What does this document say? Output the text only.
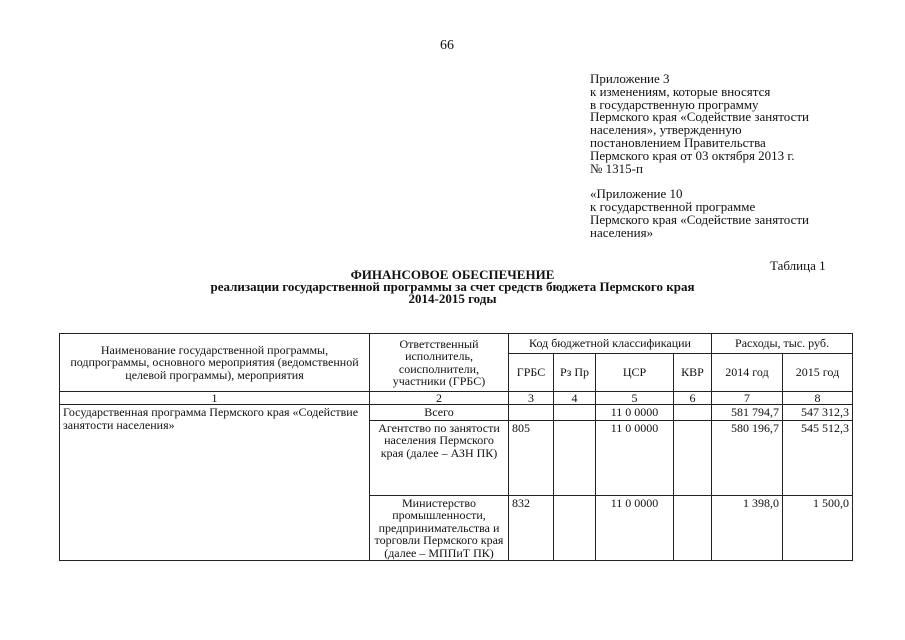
66
Приложение 3
к изменениям, которые вносятся
в государственную программу
Пермского края «Содействие занятости
населения», утвержденную
постановлением Правительства
Пермского края от 03 октября 2013 г.
№ 1315-п
«Приложение 10
к государственной программе
Пермского края «Содействие занятости
населения»
Таблица 1
ФИНАНСОВОЕ ОБЕСПЕЧЕНИЕ
реализации государственной программы за счет средств бюджета Пермского края
2014-2015 годы
Наименование государственной программы, подпрограммы, основного мероприятия (ведомственной целевой программы), мероприятия	Ответственный исполнитель, соисполнители, участники (ГРБС)	Код бюджетной классификации				Расходы, тыс. руб.	
		ГРБС	Рз Пр	ЦСР	КВР	2014 год	2015 год
1	2	3	4	5	6	7	8
Государственная программа Пермского края «Содействие занятости населения»	Всего			11 0 0000		581 794,7	547 312,3
	Агентство по занятости населения Пермского края (далее – АЗН ПК)	805		11 0 0000		580 196,7	545 512,3
	Министерство промышленности, предпринимательства и торговли Пермского края (далее – МППиТ ПК)	832		11 0 0000		1 398,0	1 500,0
